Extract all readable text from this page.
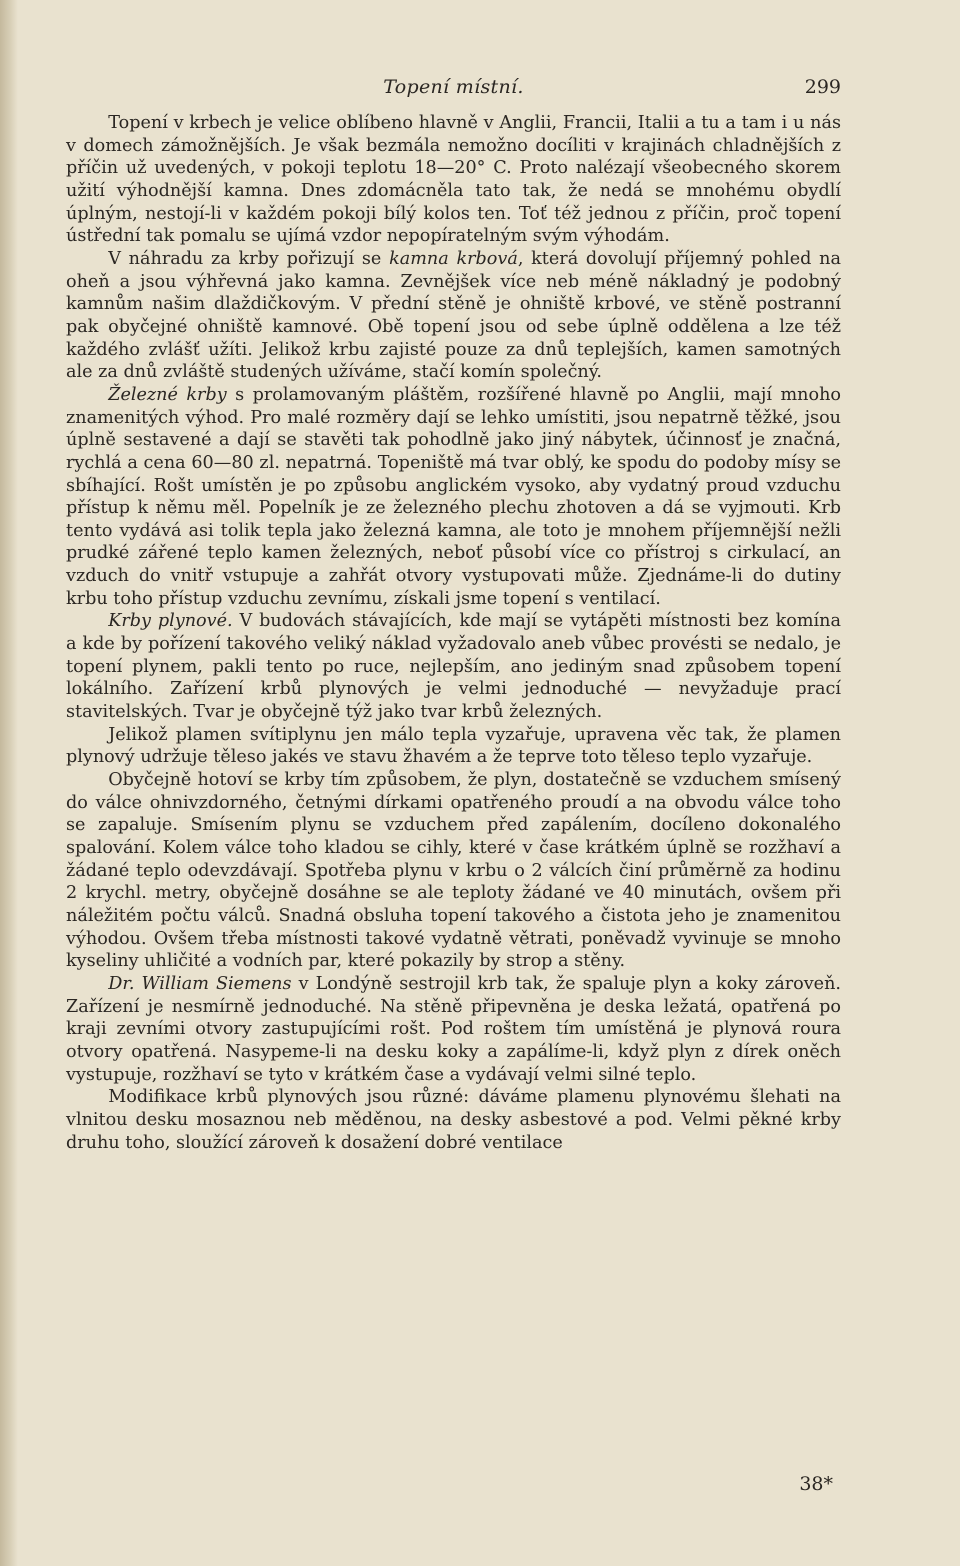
Topení místní.	299

Topení v krbech je velice oblíbeno hlavně v Anglii, Francii, Italii a tu a tam i u nás v domech zámožnějších. Je však bezmála nemožno docíliti v krajinách chladnějších z příčin už uvedených, v pokoji teplotu 18—20° C. Proto nalézají všeobecného skorem užití výhodnější kamna. Dnes zdomácněla tato tak, že nedá se mnohému obydlí úplným, nestojí-li v každém pokoji bílý kolos ten. Toť též jednou z příčin, proč topení ústřední tak pomalu se ujímá vzdor nepopíratelným svým výhodám.

V náhradu za krby pořizují se kamna krbová, která dovolují příjemný pohled na oheň a jsou výhřevná jako kamna. Zevnějšek více neb méně nákladný je podobný kamnům našim dlaždičkovým. V přední stěně je ohniště krbové, ve stěně postranní pak obyčejné ohniště kamnové. Obě topení jsou od sebe úplně oddělena a lze též každého zvlášť užíti. Jelikož krbu zajisté pouze za dnů teplejších, kamen samotných ale za dnů zvláště studených užíváme, stačí komín společný.

Železné krby s prolamovaným pláštěm, rozšířené hlavně po Anglii, mají mnoho znamenitých výhod. Pro malé rozměry dají se lehko umístiti, jsou nepatrně těžké, jsou úplně sestavené a dají se stavěti tak pohodlně jako jiný nábytek, účinnosť je značná, rychlá a cena 60—80 zl. nepatrná. Topeniště má tvar oblý, ke spodu do podoby mísy se sbíhající. Rošt umístěn je po způsobu anglickém vysoko, aby vydatný proud vzduchu přístup k němu měl. Popelník je ze železného plechu zhotoven a dá se vyjmouti. Krb tento vydává asi tolik tepla jako železná kamna, ale toto je mnohem příjemnější nežli prudké zářené teplo kamen železných, neboť působí více co přístroj s cirkulací, an vzduch do vnitř vstupuje a zahřát otvory vystupovati může. Zjednáme-li do dutiny krbu toho přístup vzduchu zevnímu, získali jsme topení s ventilací.

Krby plynové. V budovách stávajících, kde mají se vytápěti místnosti bez komína a kde by pořízení takového veliký náklad vyžadovalo aneb vůbec provésti se nedalo, je topení plynem, pakli tento po ruce, nejlepším, ano jediným snad způsobem topení lokálního. Zařízení krbů plynových je velmi jednoduché — nevyžaduje prací stavitelských. Tvar je obyčejně týž jako tvar krbů železných.

Jelikož plamen svítiplynu jen málo tepla vyzařuje, upravena věc tak, že plamen plynový udržuje těleso jakés ve stavu žhavém a že teprve toto těleso teplo vyzařuje.

Obyčejně hotoví se krby tím způsobem, že plyn, dostatečně se vzduchem smísený do válce ohnivzdorného, četnými dírkami opatřeného proudí a na obvodu válce toho se zapaluje. Smísením plynu se vzduchem před zapálením, docíleno dokonalého spalování. Kolem válce toho kladou se cihly, které v čase krátkém úplně se rozžhaví a žádané teplo odevzdávají. Spotřeba plynu v krbu o 2 válcích činí průměrně za hodinu 2 krychl. metry, obyčejně dosáhne se ale teploty žádané ve 40 minutách, ovšem při náležitém počtu válců. Snadná obsluha topení takového a čistota jeho je znamenitou výhodou. Ovšem třeba místnosti takové vydatně větrati, poněvadž vyvinuje se mnoho kyseliny uhličité a vodních par, které pokazily by strop a stěny.

Dr. William Siemens v Londýně sestrojil krb tak, že spaluje plyn a koky zároveň. Zařízení je nesmírně jednoduché. Na stěně připevněna je deska ležatá, opatřená po kraji zevními otvory zastupujícími rošt. Pod roštem tím umístěná je plynová roura otvory opatřená. Nasypeme-li na desku koky a zapálíme-li, když plyn z dírek oněch vystupuje, rozžhaví se tyto v krátkém čase a vydávají velmi silné teplo.

Modifikace krbů plynových jsou různé: dáváme plamenu plynovému šlehati na vlnitou desku mosaznou neb měděnou, na desky asbestové a pod. Velmi pěkné krby druhu toho, sloužící zároveň k dosažení dobré ventilace

38*
